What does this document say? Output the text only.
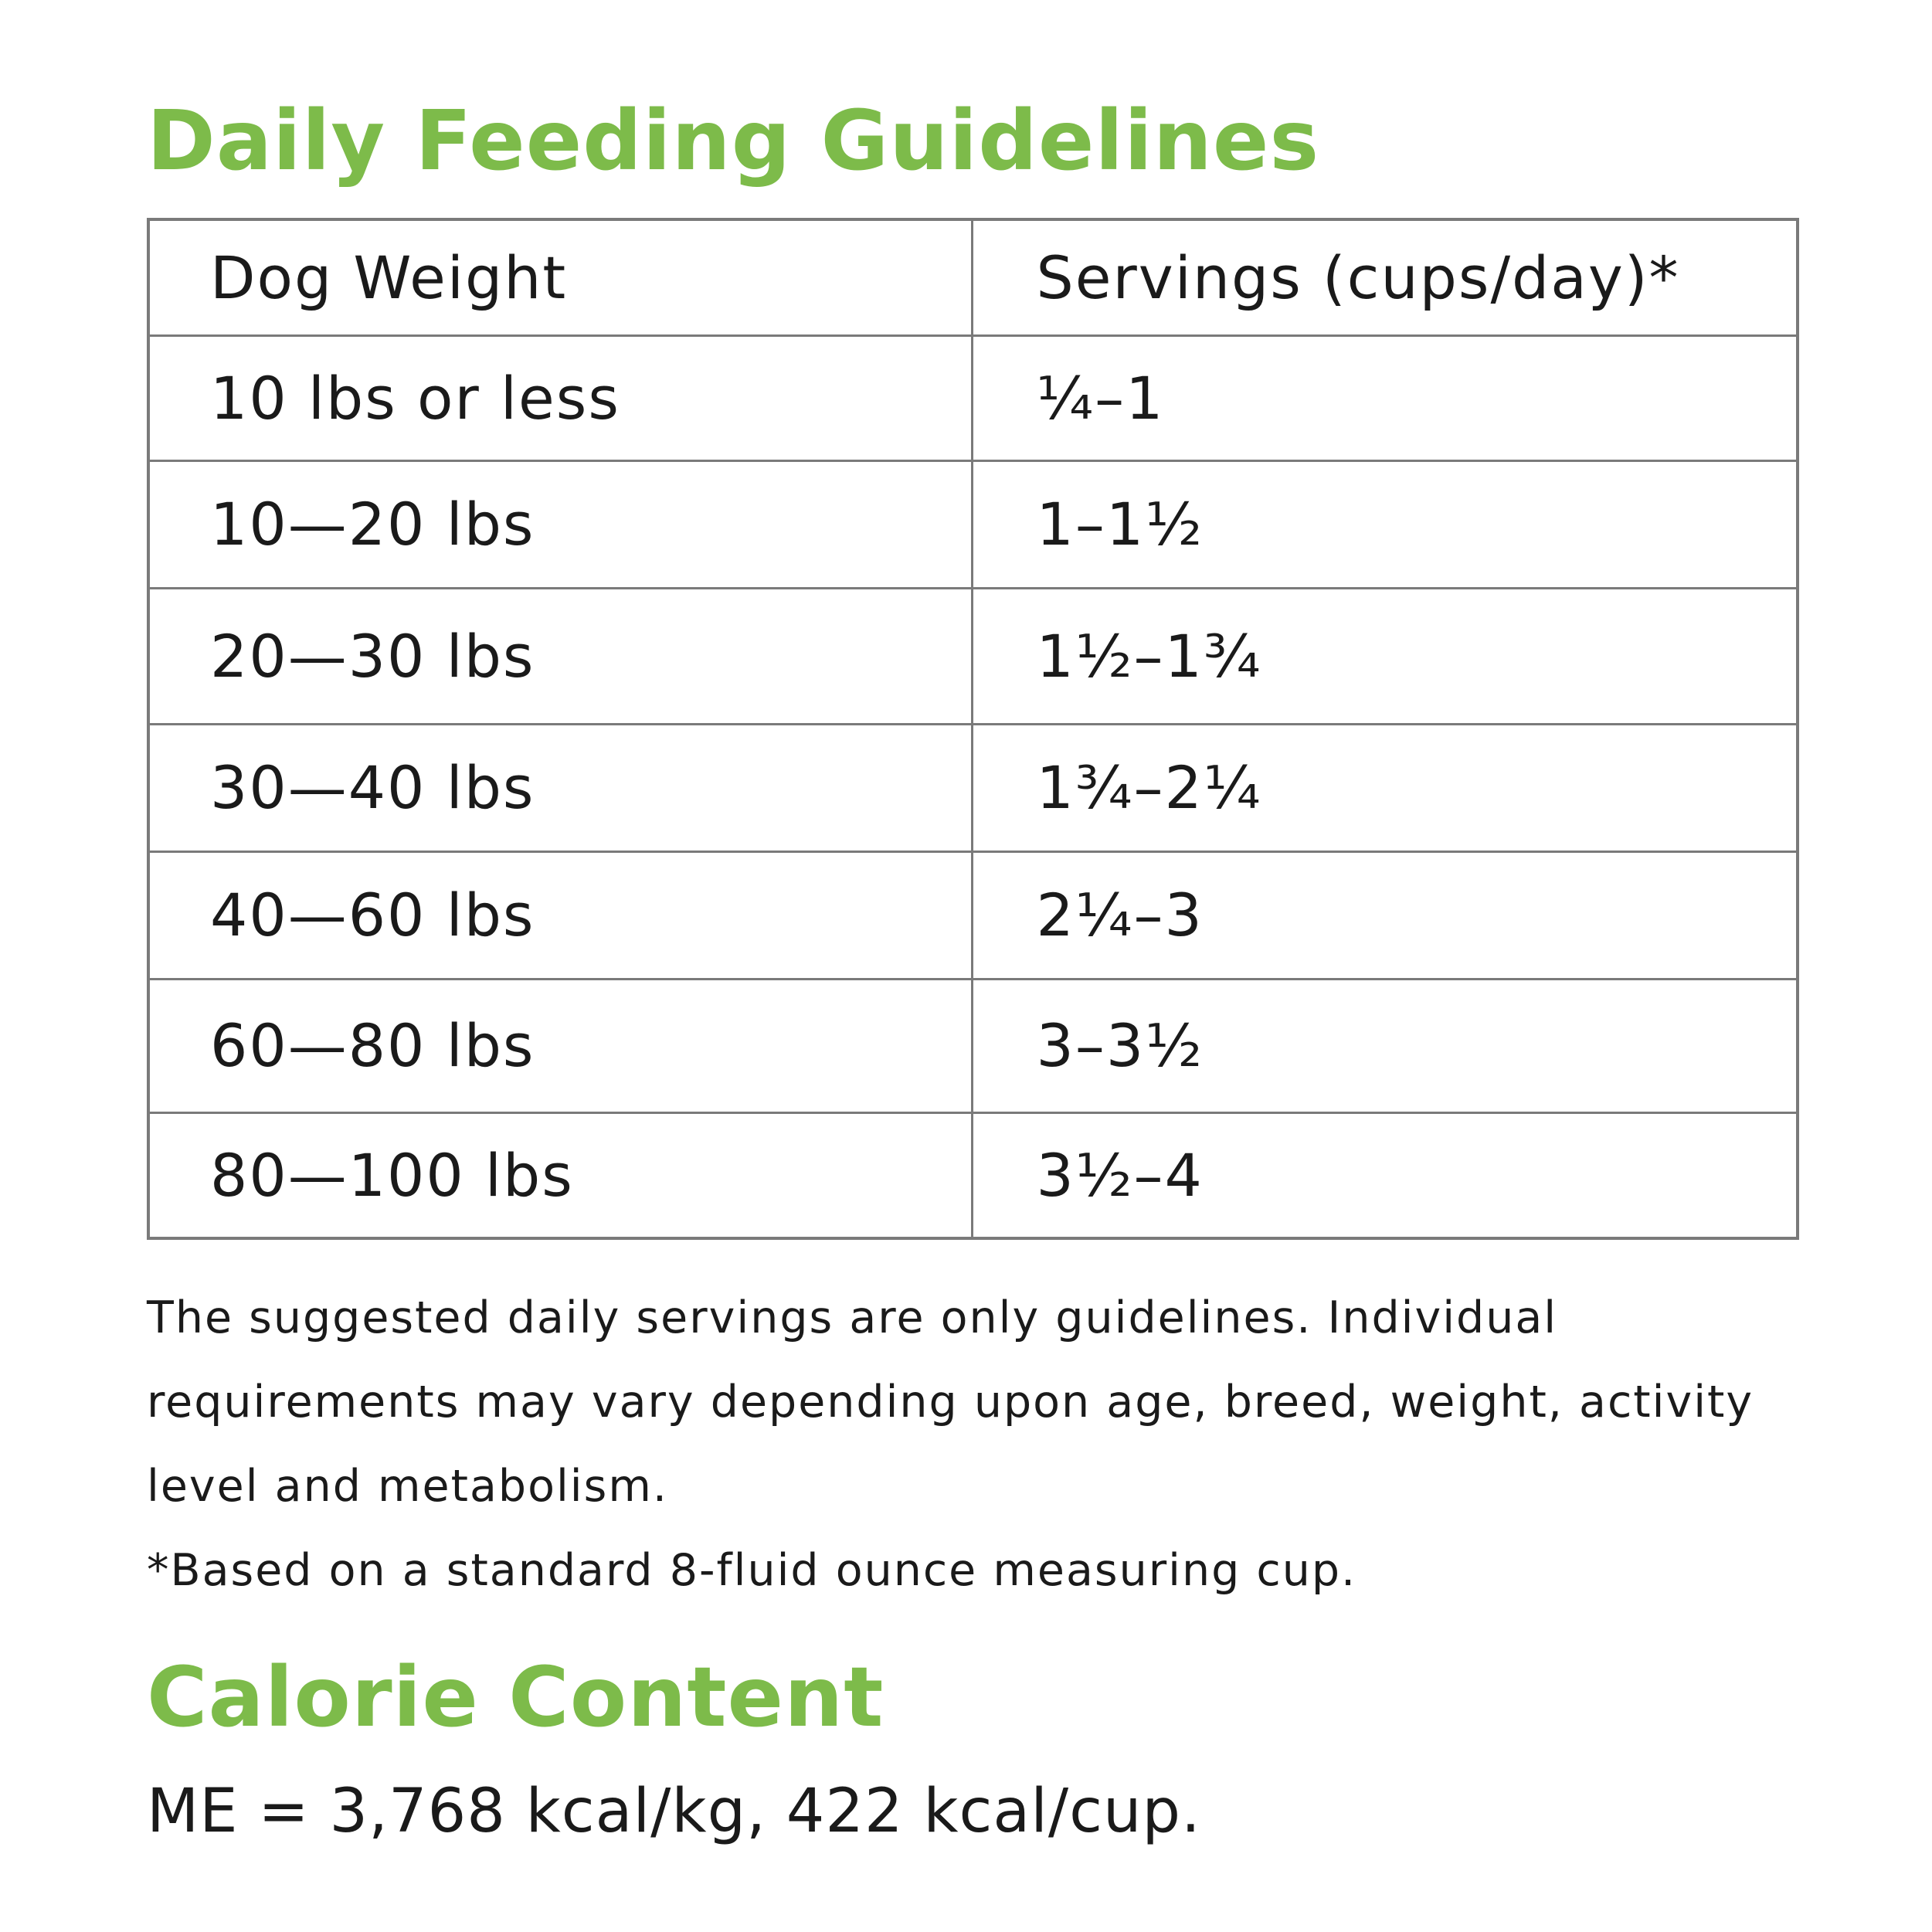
Daily Feeding Guidelines
Dog Weight	Servings (cups/day)*
10 lbs or less	¼–1
10—20 lbs	1–1½
20—30 lbs	1½–1¾
30—40 lbs	1¾–2¼
40—60 lbs	2¼–3
60—80 lbs	3–3½
80—100 lbs	3½–4

The suggested daily servings are only guidelines. Individual requirements may vary depending upon age, breed, weight, activity level and metabolism.

*Based on a standard 8-fluid ounce measuring cup.

Calorie Content
ME = 3,768 kcal/kg, 422 kcal/cup.
